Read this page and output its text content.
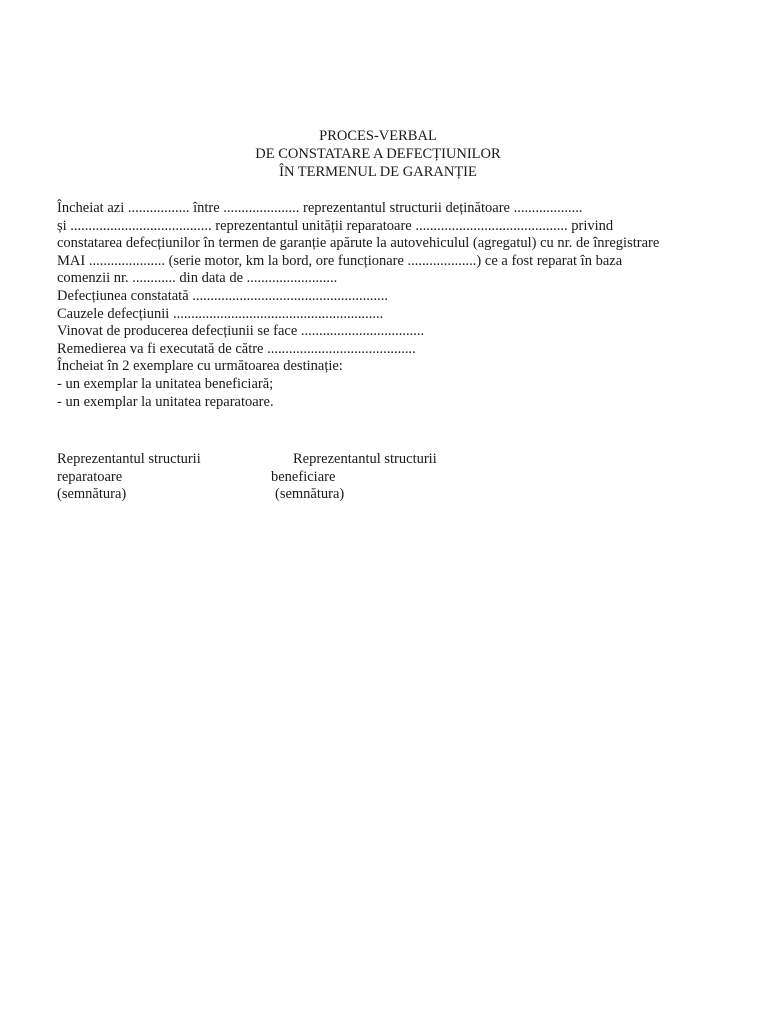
PROCES-VERBAL
DE CONSTATARE A DEFECȚIUNILOR
ÎN TERMENUL DE GARANȚIE
Încheiat azi ................. între ..................... reprezentantul structurii deținătoare ...................
și ....................................... reprezentantul unității reparatoare .......................................... privind
constatarea defecțiunilor în termen de garanție apărute la autovehiculul (agregatul) cu nr. de înregistrare
MAI ..................... (serie motor, km la bord, ore funcționare ...................) ce a fost reparat în baza
comenzii nr. ............ din data de .........................
Defecțiunea constatată ......................................................
Cauzele defecțiunii ..........................................................
Vinovat de producerea defecțiunii se face ..................................
Remedierea va fi executată de către .........................................
Încheiat în 2 exemplare cu următoarea destinație:
- un exemplar la unitatea beneficiară;
- un exemplar la unitatea reparatoare.
Reprezentantul structurii	Reprezentantul structurii
reparatoare	beneficiare
(semnătura)	(semnătura)
